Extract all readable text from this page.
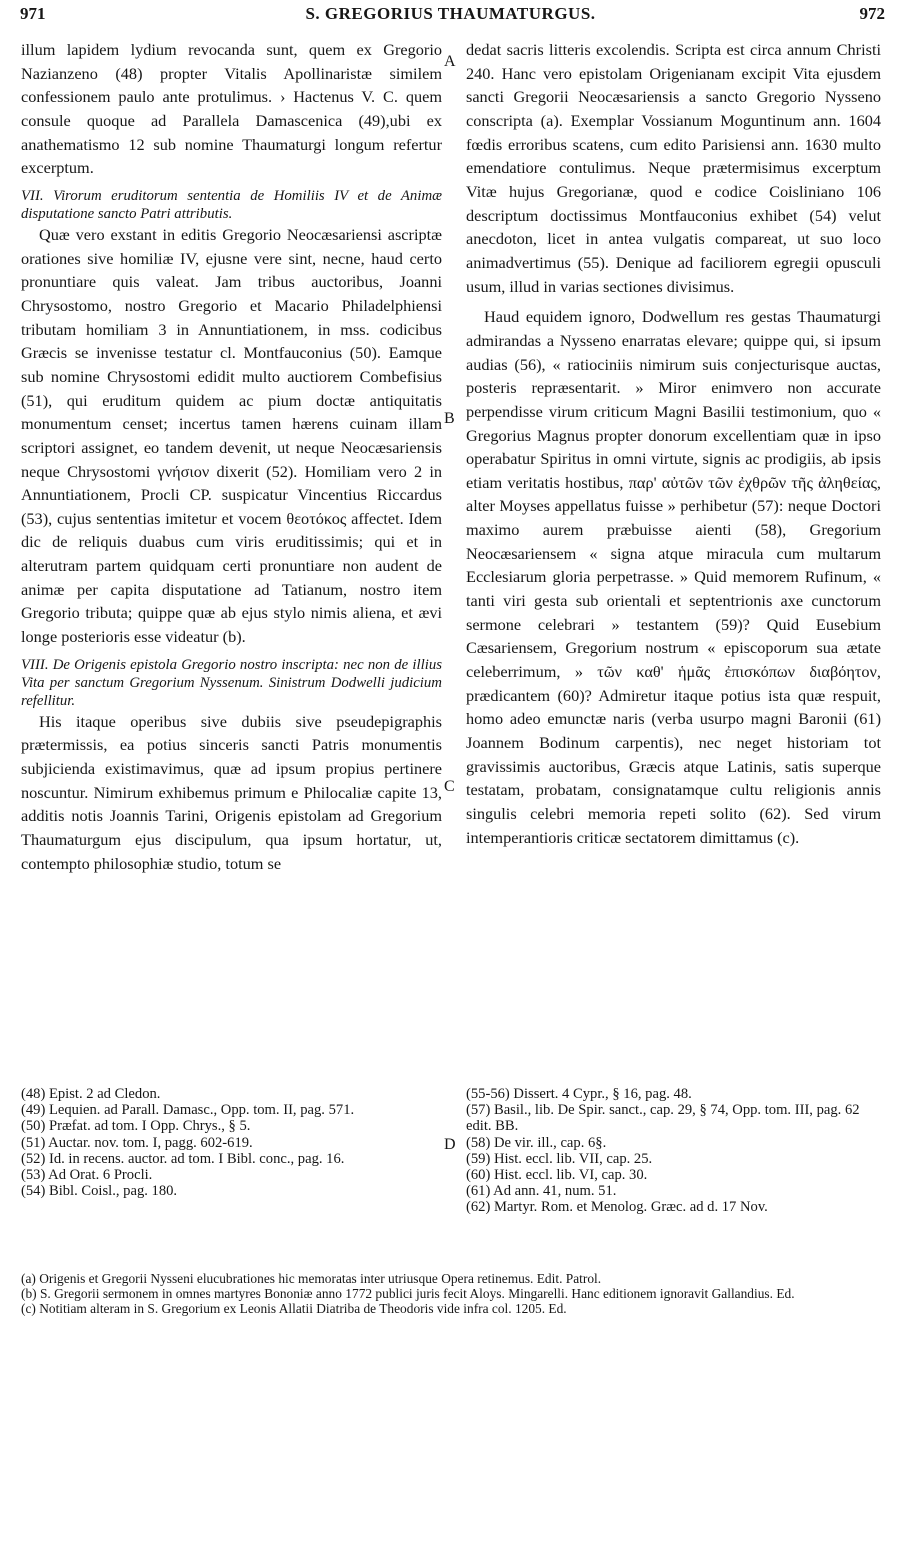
971	S. GREGORIUS THAUMATURGUS.	972
A
B
C
D

illum lapidem lydium revocanda sunt, quem ex Gregorio Nazianzeno (48) propter Vitalis Apollinaristæ similem confessionem paulo ante protulimus. › Hactenus V. C. quem consule quoque ad Parallela Damascenica (49),ubi ex anathematismo 12 sub nomine Thaumaturgi longum refertur excerptum.

VII. Virorum eruditorum sententia de Homiliis IV et de Animæ disputatione sancto Patri attributis.

Quæ vero exstant in editis Gregorio Neocæsariensi ascriptæ orationes sive homiliæ IV, ejusne vere sint, necne, haud certo pronuntiare quis valeat. Jam tribus auctoribus, Joanni Chrysostomo, nostro Gregorio et Macario Philadelphiensi tributam homiliam 3 in Annuntiationem, in mss. codicibus Græcis se invenisse testatur cl. Montfauconius (50). Eamque sub nomine Chrysostomi edidit multo auctiorem Combefisius (51), qui eruditum quidem ac pium doctæ antiquitatis monumentum censet; incertus tamen hærens cuinam illam scriptori assignet, eo tandem devenit, ut neque Neocæsariensis neque Chrysostomi γνήσιον dixerit (52). Homiliam vero 2 in Annuntiationem, Procli CP. suspicatur Vincentius Riccardus (53), cujus sententias imitetur et vocem θεοτόκος affectet. Idem dic de reliquis duabus cum viris eruditissimis; qui et in alterutram partem quidquam certi pronuntiare non audent de animæ per capita disputatione ad Tatianum, nostro item Gregorio tributa; quippe quæ ab ejus stylo nimis aliena, et ævi longe posterioris esse videatur (b).

VIII. De Origenis epistola Gregorio nostro inscripta: nec non de illius Vita per sanctum Gregorium Nyssenum. Sinistrum Dodwelli judicium refellitur.

His itaque operibus sive dubiis sive pseudepigraphis prætermissis, ea potius sinceris sancti Patris monumentis subjicienda existimavimus, quæ ad ipsum propius pertinere noscuntur. Nimirum exhibemus primum e Philocaliæ capite 13, additis notis Joannis Tarini, Origenis epistolam ad Gregorium Thaumaturgum ejus discipulum, qua ipsum hortatur, ut, contempto philosophiæ studio, totum se

dedat sacris litteris excolendis. Scripta est circa annum Christi 240. Hanc vero epistolam Origenianam excipit Vita ejusdem sancti Gregorii Neocæsariensis a sancto Gregorio Nysseno conscripta (a). Exemplar Vossianum Moguntinum ann. 1604 fœdis erroribus scatens, cum edito Parisiensi ann. 1630 multo emendatiore contulimus. Neque prætermisimus excerptum Vitæ hujus Gregorianæ, quod e codice Coisliniano 106 descriptum doctissimus Montfauconius exhibet (54) velut anecdoton, licet in antea vulgatis compareat, ut suo loco animadvertimus (55). Denique ad faciliorem egregii opusculi usum, illud in varias sectiones divisimus.

Haud equidem ignoro, Dodwellum res gestas Thaumaturgi admirandas a Nysseno enarratas elevare; quippe qui, si ipsum audias (56), « ratiociniis nimirum suis conjecturisque auctas, posteris repræsentarit. » Miror enimvero non accurate perpendisse virum criticum Magni Basilii testimonium, quo « Gregorius Magnus propter donorum excellentiam quæ in ipso operabatur Spiritus in omni virtute, signis ac prodigiis, ab ipsis etiam veritatis hostibus, παρ' αὐτῶν τῶν ἐχθρῶν τῆς ἀληθείας, alter Moyses appellatus fuisse » perhibetur (57): neque Doctori maximo aurem præbuisse aienti (58), Gregorium Neocæsariensem « signa atque miracula cum multarum Ecclesiarum gloria perpetrasse. » Quid memorem Rufinum, « tanti viri gesta sub orientali et septentrionis axe cunctorum sermone celebrari » testantem (59)? Quid Eusebium Cæsariensem, Gregorium nostrum « episcoporum sua ætate celeberrimum, » τῶν καθ' ἡμᾶς ἐπισκόπων διαβόητον, prædicantem (60)? Admiretur itaque potius ista quæ respuit, homo adeo emunctæ naris (verba usurpo magni Baronii (61) Joannem Bodinum carpentis), nec neget historiam tot gravissimis auctoribus, Græcis atque Latinis, satis superque testatam, probatam, consignatamque cultu religionis annis singulis celebri memoria repeti solito (62). Sed virum intemperantioris criticæ sectatorem dimittamus (c).

(48) Epist. 2 ad Cledon.
(49) Lequien. ad Parall. Damasc., Opp. tom. II, pag. 571.
(50) Præfat. ad tom. I Opp. Chrys., § 5.
(51) Auctar. nov. tom. I, pagg. 602-619.
(52) Id. in recens. auctor. ad tom. I Bibl. conc., pag. 16.
(53) Ad Orat. 6 Procli.
(54) Bibl. Coisl., pag. 180.
(55-56) Dissert. 4 Cypr., § 16, pag. 48.
(57) Basil., lib. De Spir. sanct., cap. 29, § 74, Opp. tom. III, pag. 62 edit. BB.
(58) De vir. ill., cap. 6§.
(59) Hist. eccl. lib. VII, cap. 25.
(60) Hist. eccl. lib. VI, cap. 30.
(61) Ad ann. 41, num. 51.
(62) Martyr. Rom. et Menolog. Græc. ad d. 17 Nov.
(a) Origenis et Gregorii Nysseni elucubrationes hic memoratas inter utriusque Opera retinemus. Edit. Patrol.
(b) S. Gregorii sermonem in omnes martyres Bononiæ anno 1772 publici juris fecit Aloys. Mingarelli. Hanc editionem ignoravit Gallandius. Ed.
(c) Notitiam alteram in S. Gregorium ex Leonis Allatii Diatriba de Theodoris vide infra col. 1205. Ed.
